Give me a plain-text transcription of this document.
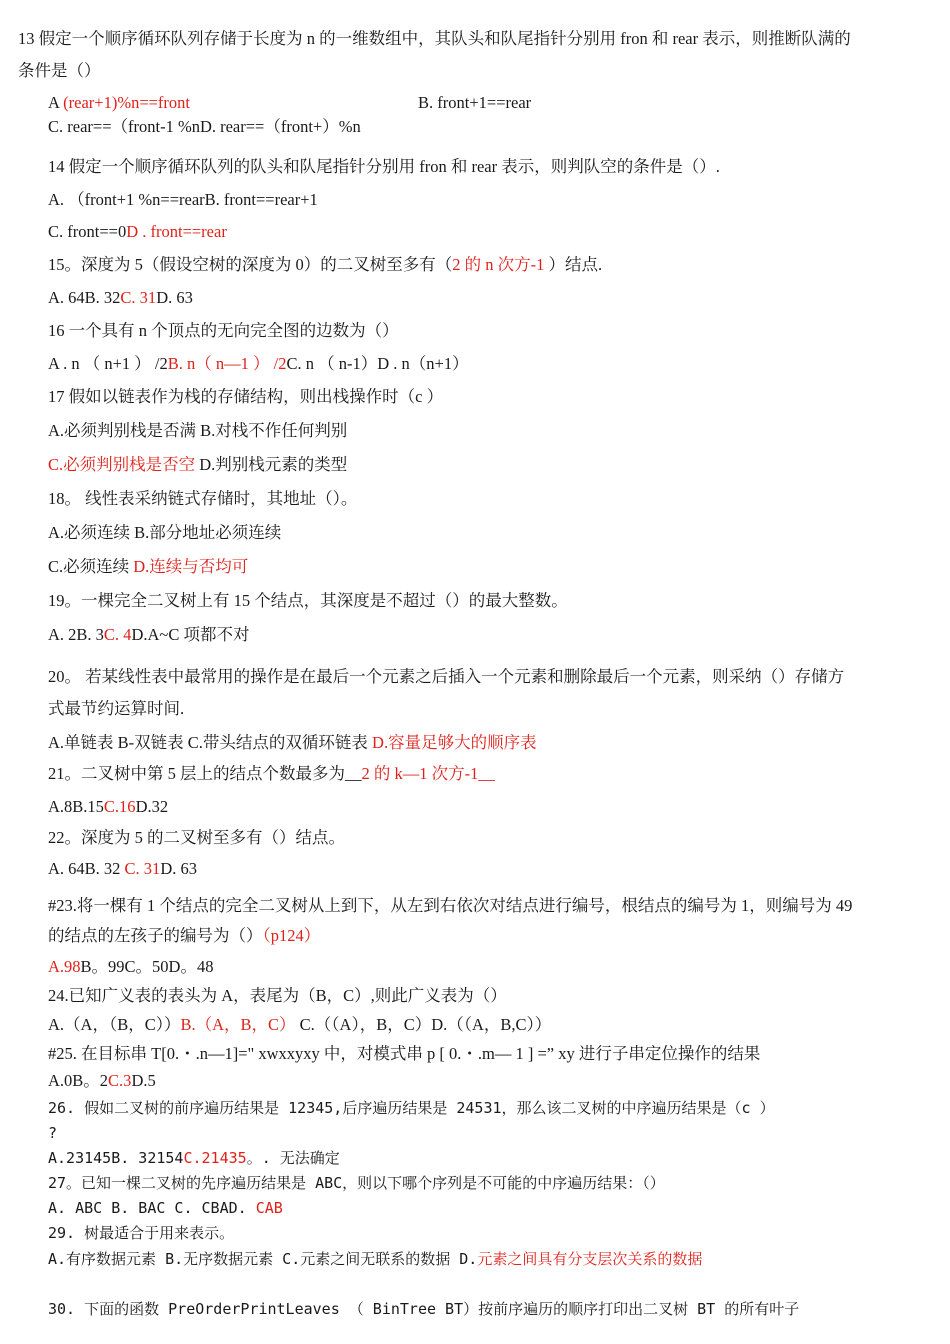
13 假定一个顺序循环队列存储于长度为 n 的一维数组中，其队头和队尾指针分别用 fron 和 rear 表示，则推断队满的
条件是（）
A (rear+1)%n==front	B. front+1==rear
C. rear==（front-1 %nD. rear==（front+）%n
14 假定一个顺序循环队列的队头和队尾指针分别用 fron 和 rear 表示，则判队空的条件是（）.
A. （front+1 %n==rearB. front==rear+1
C. front==0D . front==rear
15。深度为 5（假设空树的深度为 0）的二叉树至多有（2 的 n 次方-1 ）结点.
A. 64B. 32C. 31D. 63
16 一个具有 n 个顶点的无向完全图的边数为（）
A . n （ n+1 ） /2B. n（ n—1 ） /2C. n （ n-1）D . n（n+1）
17 假如以链表作为栈的存储结构，则出栈操作时（c ）
A.必须判别栈是否满 B.对栈不作任何判别
C.必须判别栈是否空 D.判别栈元素的类型
18。 线性表采纳链式存储时，其地址（）。
A.必须连续 B.部分地址必须连续
C.必须连续 D.连续与否均可
19。一棵完全二叉树上有 15 个结点，其深度是不超过（）的最大整数。
A. 2B. 3C. 4D.A~C 项都不对
20。 若某线性表中最常用的操作是在最后一个元素之后插入一个元素和删除最后一个元素，则采纳（）存储方
式最节约运算时间.
A.单链表 B-双链表 C.带头结点的双循环链表 D.容量足够大的顺序表
21。二叉树中第 5 层上的结点个数最多为__2 的 k—1 次方-1__
A.8B.15C.16D.32
22。深度为 5 的二叉树至多有（）结点。
A. 64B. 32 C. 31D. 63
#23.将一棵有 1 个结点的完全二叉树从上到下，从左到右依次对结点进行编号，根结点的编号为 1，则编号为 49
的结点的左孩子的编号为（）（p124）
A.98B。99C。50D。48
24.已知广义表的表头为 A，表尾为（B，C）,则此广义表为（）
A.（A，（B，C））B.（A，B，C） C.（（A），B，C）D.（（A，B,C））
#25. 在目标串 T[0.・.n—1]=" xwxxyxy 中，对模式串 p [ 0.・.m— 1 ] =” xy 进行子串定位操作的结果
A.0B。2C.3D.5
26. 假如二叉树的前序遍历结果是 12345,后序遍历结果是 24531，那么该二叉树的中序遍历结果是（c ）
?
A.23145B. 32154C.21435。. 无法确定
27。已知一棵二叉树的先序遍历结果是 ABC，则以下哪个序列是不可能的中序遍历结果：（）
A. ABC B. BAC C. CBAD. CAB
29. 树最适合于用来表示。
A.有序数据元素 B.无序数据元素 C.元素之间无联系的数据 D.元素之间具有分支层次关系的数据
30. 下面的函数 PreOrderPrintLeaves （ BinTree BT）按前序遍历的顺序打印出二叉树 BT 的所有叶子
